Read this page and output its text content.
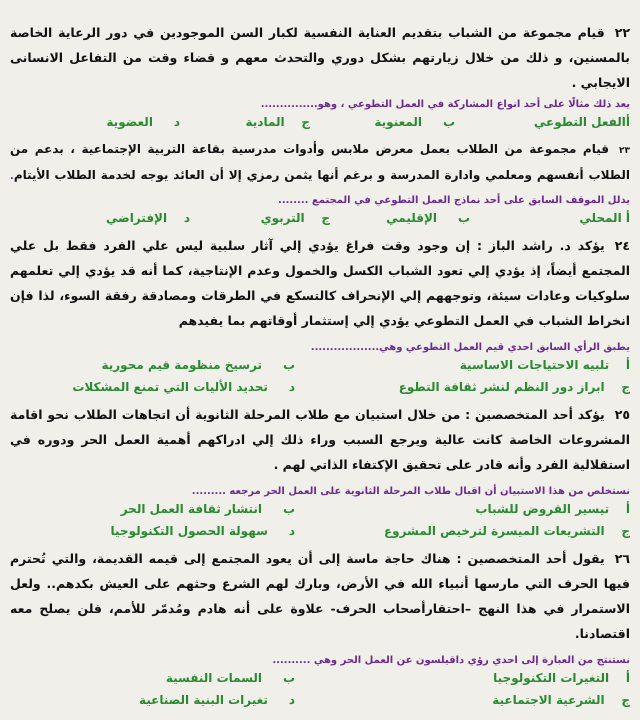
٢٢قيام مجموعة من الشباب بتقديم العناية النفسية لكبار السن الموجودين في دور الرعاية الخاصة بالمسنين، و ذلك من خلال زيارتهم بشكل دوري والتحدث معهم و قضاء وقت من التفاعل الانسانى الايجابي .
يعد ذلك مثالًا على أحد انواع المشاركة في العمل التطوعي ، وهو...............
أالفعل التطوعي
ب     المعنوية
ج    المادية
د     العضوية
٢٣قيام مجموعة من الطلاب بعمل معرض ملابس وأدوات مدرسية بقاعة التربية الإجتماعية ، بدعم من الطلاب أنفسهم ومعلمي وادارة المدرسة و برغم أنها يثمن رمزي إلا أن العائد يوجه لخدمة الطلاب الأيتام. يدلل الموقف السابق على أحد نماذج العمل التطوعي في المجتمع ........
أ المحلي
ب     الإقليمي
ج    التربوي
د    الإفتراضي
٢٤يؤكد د. راشد الباز : إن وجود وقت فراغ يؤدي إلي آثار سلبية ليس علي الفرد فقط بل علي المجتمع أيضاً، إذ يؤدي إلي تعود الشباب الكسل والخمول وعدم الإنتاجية، كما أنه قد يؤدي إلي تعلمهم سلوكيات وعادات سيئة، وتوجههم إلي الإنحراف كالتسكع في الطرقات ومصادقة رفقة السوء، لذا فإن انخراط الشباب في العمل التطوعي يؤدي إلي إستثمار أوقاتهم بما يفيدهم
يطبق الرأي السابق احدي قيم العمل التطوعي وهي..................
أ    تلبيه الاحتياجات الاساسية
ب     ترسيخ منظومة قيم محورية
ج    ابراز دور النظم لنشر ثقافة التطوع
د     تحديد الأليات التي تمنع المشكلات
٢٥يؤكد أحد المتخصصين : من خلال استبيان مع طلاب المرحلة الثانوية أن اتجاهات الطلاب نحو اقامة المشروعات الخاصة كانت عالية ويرجع السبب وراء ذلك إلي ادراكهم أهمية العمل الحر ودوره في استقلالية الفرد وأنه قادر على تحقيق الإكتفاء الذاتي لهم .
نستخلص من هذا الاستبيان أن اقبال طلاب المرحلة الثانوية على العمل الحر مرجعه .........
أ    تيسير القروض للشباب
ب     انتشار ثقافة العمل الحر
ج    التشريعات الميسرة لترخيص المشروع
د     سهولة الحصول التكنولوجيا
٢٦يقول أحد المتخصصين : هناك حاجة ماسة إلى أن يعود المجتمع إلى قيمه القديمة، والتي تُحترم فيها الحرف التي مارسها أنبياء الله في الأرض، وبارك لهم الشرع وحثهم على العيش بكدهم.. ولعل الاستمرار في هذا النهج –احتقارأصحاب الحرف- علاوة على أنه هادم ومُدمّر للأمم، فلن يصلح معه اقتصادنا.
نستنتج من العبارة إلى احدي رؤي داقيلسون عن العمل الحر وهي ..........
أ    التغيرات التكنولوجيا
ب     السمات النفسية
ج    الشرعية الاجتماعية
د     تغيرات البنية الصناعية
